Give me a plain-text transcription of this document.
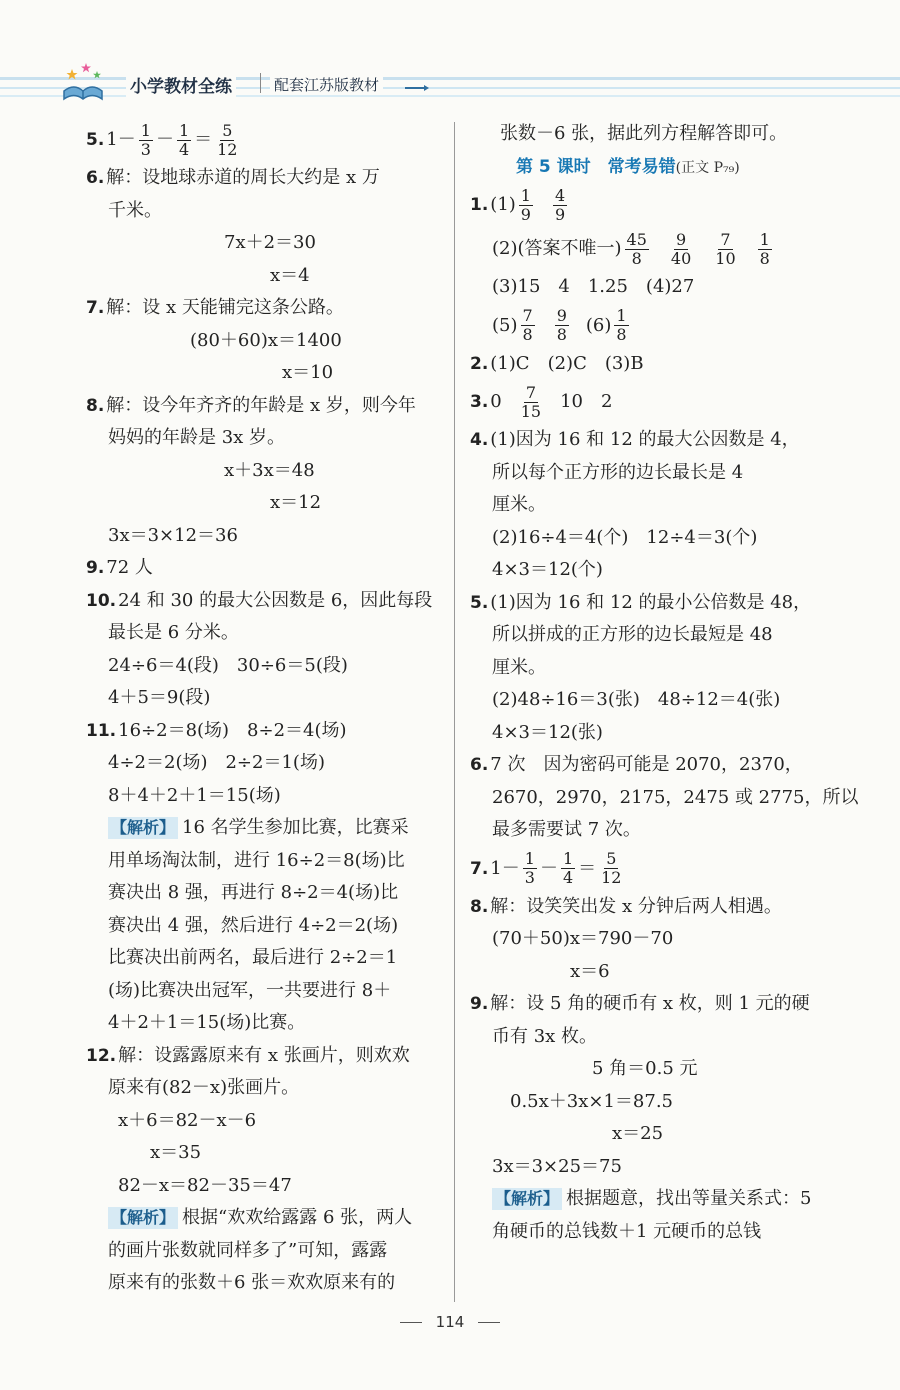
小学教材全练	配套江苏版教材
5. $1- \frac{1}{3} - \frac{1}{4} = \frac{5}{12}$
6. 解：设地球赤道的周长大约是 x 万
千米。
7x＋2＝30
x＝4
7. 解：设 x 天能铺完这条公路。
(80＋60)x＝1400
x＝10
8. 解：设今年齐齐的年龄是 x 岁，则今年
妈妈的年龄是 3x 岁。
x＋3x＝48
x＝12
3x＝3×12＝36
9. 72 人
10. 24 和 30 的最大公因数是 6，因此每段
最长是 6 分米。
24÷6＝4(段)　30÷6＝5(段)
4＋5＝9(段)
11. 16÷2＝8(场)　8÷2＝4(场)
4÷2＝2(场)　2÷2＝1(场)
8＋4＋2＋1＝15(场)
【解析】 16 名学生参加比赛，比赛采
用单场淘汰制，进行 16÷2＝8(场)比
赛决出 8 强，再进行 8÷2＝4(场)比
赛决出 4 强，然后进行 4÷2＝2(场)
比赛决出前两名，最后进行 2÷2＝1
(场)比赛决出冠军，一共要进行 8＋
4＋2＋1＝15(场)比赛。
12. 解：设露露原来有 x 张画片，则欢欢
原来有(82－x)张画片。
x＋6＝82－x－6
x＝35
82－x＝82－35＝47
【解析】 根据“欢欢给露露 6 张，两人
的画片张数就同样多了”可知，露露
原来有的张数＋6 张＝欢欢原来有的
张数－6 张，据此列方程解答即可。
第 5 课时　常考易错(正文 P₇₉)
1. $(1) \frac{1}{9} \frac{4}{9}$
(2)(答案不唯一) $\frac{45}{8} \frac{9}{40} \frac{7}{10} \frac{1}{8}$
(3)15　4　1.25　(4)27
$(5) \frac{7}{8} \frac{9}{8} (6) \frac{1}{8}$
2. (1)C　(2)C　(3)B
3. $0 \frac{7}{15} 10$　2
4. (1)因为 16 和 12 的最大公因数是 4，
所以每个正方形的边长最长是 4
厘米。
(2)16÷4＝4(个)　12÷4＝3(个)
4×3＝12(个)
5. (1)因为 16 和 12 的最小公倍数是 48，
所以拼成的正方形的边长最短是 48
厘米。
(2)48÷16＝3(张)　48÷12＝4(张)
4×3＝12(张)
6. 7 次　因为密码可能是 2070，2370，
2670，2970，2175，2475 或 2775，所以
最多需要试 7 次。
7. $1- \frac{1}{3} - \frac{1}{4} = \frac{5}{12}$
8. 解：设笑笑出发 x 分钟后两人相遇。
(70＋50)x＝790－70
x＝6
9. 解：设 5 角的硬币有 x 枚，则 1 元的硬
币有 3x 枚。
5 角＝0.5 元
0.5x＋3x×1＝87.5
x＝25
3x＝3×25＝75
【解析】 根据题意，找出等量关系式：5
角硬币的总钱数＋1 元硬币的总钱
114
